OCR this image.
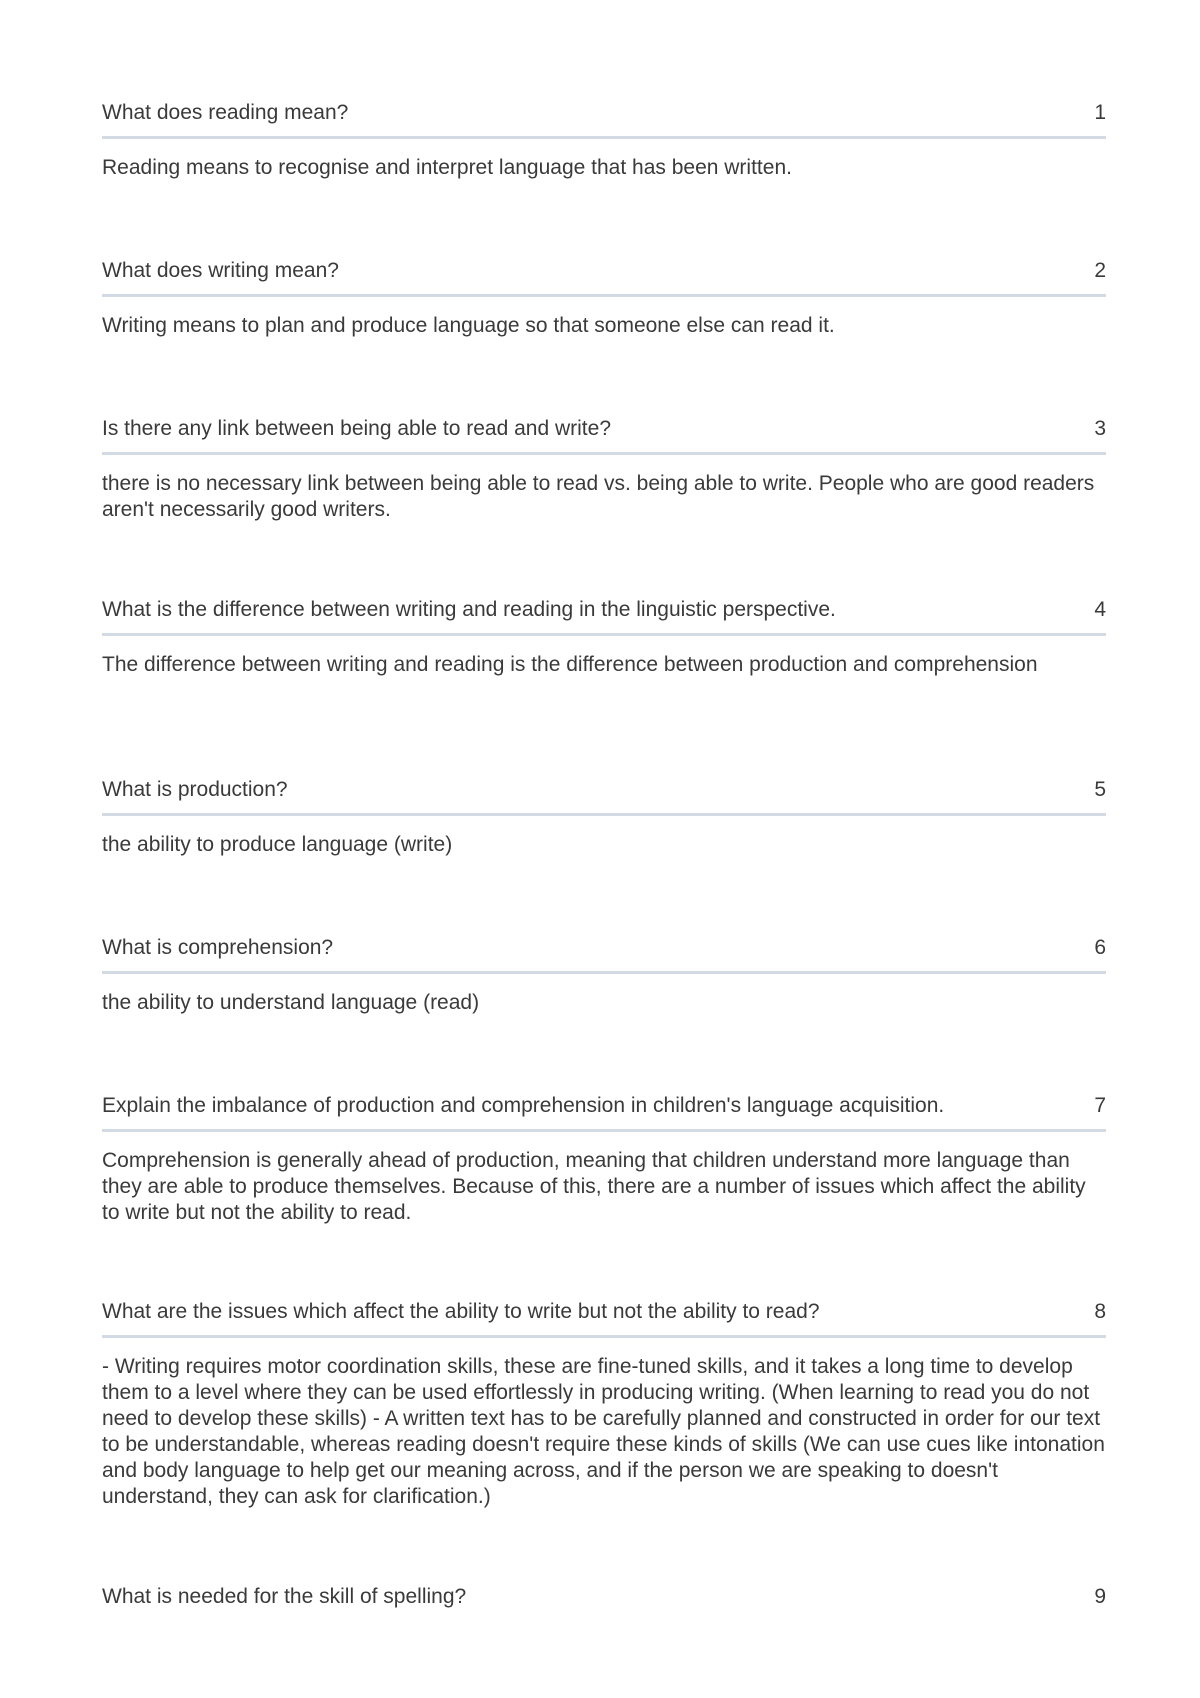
What does reading mean?	1
Reading means to recognise and interpret language that has been written.
What does writing mean?	2
Writing means to plan and produce language so that someone else can read it.
Is there any link between being able to read and write?	3
there is no necessary link between being able to read vs. being able to write. People who are good readers aren't necessarily good writers.
What is the difference between writing and reading in the linguistic perspective.	4
The difference between writing and reading is the difference between production and comprehension
What is production?	5
the ability to produce language (write)
What is comprehension?	6
the ability to understand language (read)
Explain the imbalance of production and comprehension in children's language acquisition.	7
Comprehension is generally ahead of production, meaning that children understand more language than they are able to produce themselves. Because of this, there are a number of issues which affect the ability to write but not the ability to read.
What are the issues which affect the ability to write but not the ability to read?	8
- Writing requires motor coordination skills, these are fine-tuned skills, and it takes a long time to develop them to a level where they can be used effortlessly in producing writing. (When learning to read you do not need to develop these skills) - A written text has to be carefully planned and constructed in order for our text to be understandable, whereas reading doesn't require these kinds of skills (We can use cues like intonation and body language to help get our meaning across, and if the person we are speaking to doesn't understand, they can ask for clarification.)
What is needed for the skill of spelling?	9
